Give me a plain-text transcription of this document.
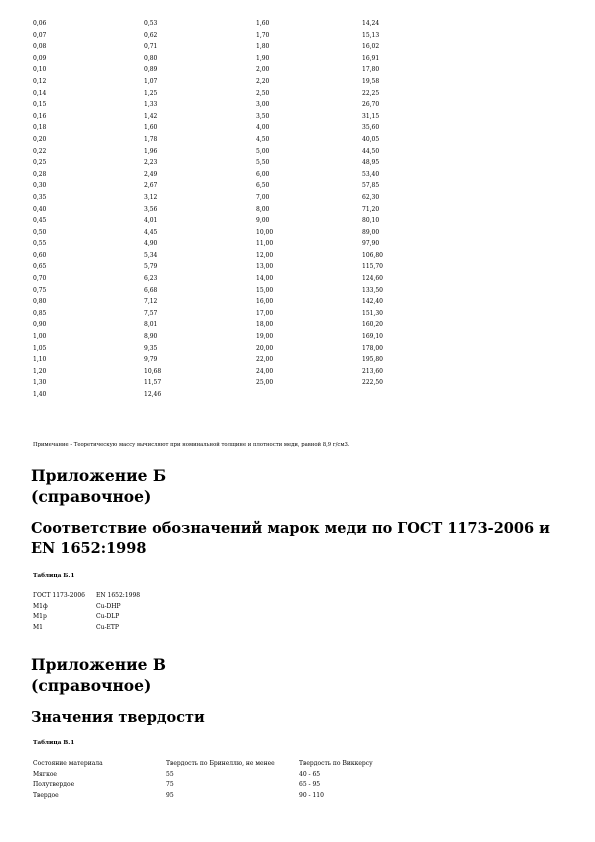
0,06	0,53	1,60	14,24
0,07	0,62	1,70	15,13
0,08	0,71	1,80	16,02
0,09	0,80	1,90	16,91
0,10	0,89	2,00	17,80
0,12	1,07	2,20	19,58
0,14	1,25	2,50	22,25
0,15	1,33	3,00	26,70
0,16	1,42	3,50	31,15
0,18	1,60	4,00	35,60
0,20	1,78	4,50	40,05
0,22	1,96	5,00	44,50
0,25	2,23	5,50	48,95
0,28	2,49	6,00	53,40
0,30	2,67	6,50	57,85
0,35	3,12	7,00	62,30
0,40	3,56	8,00	71,20
0,45	4,01	9,00	80,10
0,50	4,45	10,00	89,00
0,55	4,90	11,00	97,90
0,60	5,34	12,00	106,80
0,65	5,79	13,00	115,70
0,70	6,23	14,00	124,60
0,75	6,68	15,00	133,50
0,80	7,12	16,00	142,40
0,85	7,57	17,00	151,30
0,90	8,01	18,00	160,20
1,00	8,90	19,00	169,10
1,05	9,35	20,00	178,00
1,10	9,79	22,00	195,80
1,20	10,68	24,00	213,60
1,30	11,57	25,00	222,50
1,40	12,46
Примечание - Теоретическую массу вычисляют при номинальной толщине и плотности меди, равной 8,9 г/см3.
Приложение Б
(справочное)
Соответствие обозначений марок меди по ГОСТ 1173-2006 и
EN 1652:1998
Таблица Б.1
ГОСТ 1173-2006 EN 1652:1998
М1ф	Cu-DHP
М1р	Cu-DLP
М1	Cu-ETP
Приложение В
(справочное)
Значения твердости
Таблица В.1
Состояние материала	Твердость по Бринеллю, не менее	Твердость по Виккерсу
Мягкое	55	40 - 65
Полутвердое	75	65 - 95
Твердое	95	90 - 110
